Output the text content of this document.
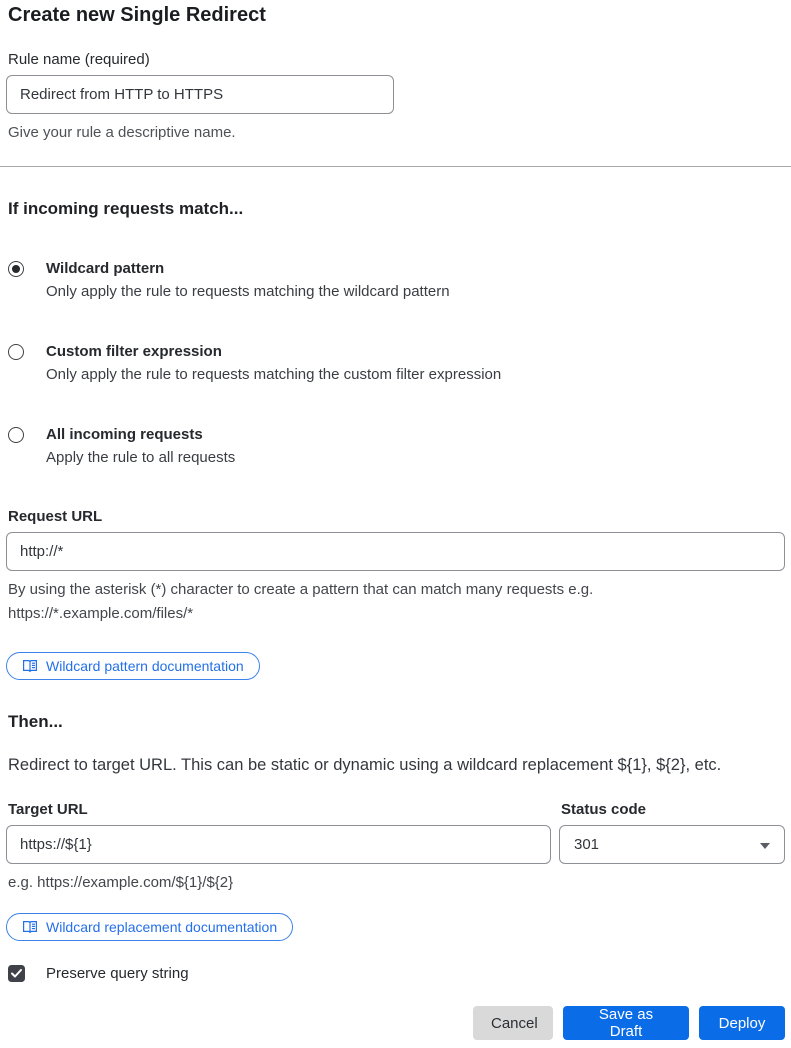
Create new Single Redirect
Rule name (required)
Redirect from HTTP to HTTPS
Give your rule a descriptive name.
If incoming requests match...
Wildcard pattern
Only apply the rule to requests matching the wildcard pattern
Custom filter expression
Only apply the rule to requests matching the custom filter expression
All incoming requests
Apply the rule to all requests
Request URL
http://*
By using the asterisk (*) character to create a pattern that can match many requests e.g.
https://*.example.com/files/*
Wildcard pattern documentation
Then...

Redirect to target URL. This can be static or dynamic using a wildcard replacement ${1}, ${2}, etc.

Target URL	Status code
https://${1}
301
e.g. https://example.com/${1}/${2}
Wildcard replacement documentation
Preserve query string
Cancel	Save as Draft	Deploy
